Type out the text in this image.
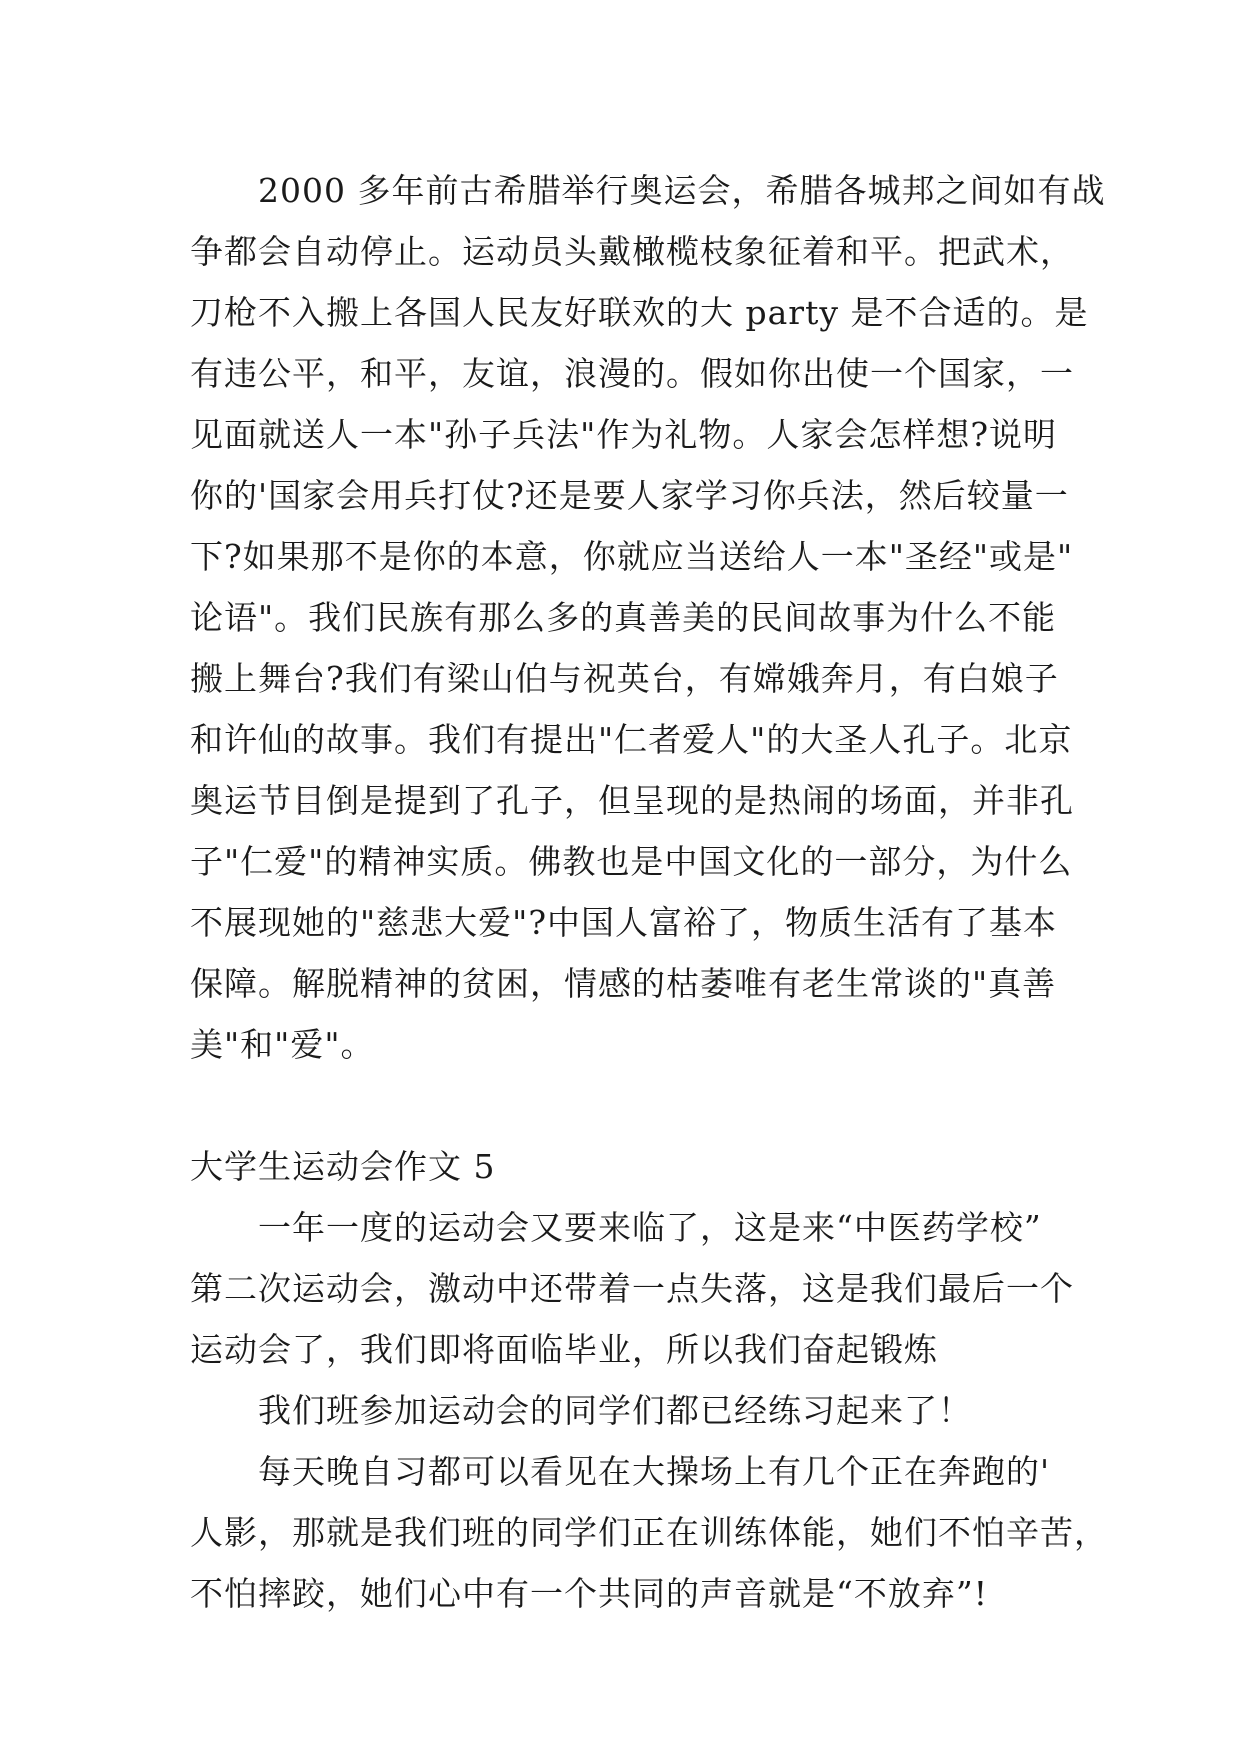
　　2000 多年前古希腊举行奥运会，希腊各城邦之间如有战
争都会自动停止。运动员头戴橄榄枝象征着和平。把武术，
刀枪不入搬上各国人民友好联欢的大 party 是不合适的。是
有违公平，和平，友谊，浪漫的。假如你出使一个国家，一
见面就送人一本"孙子兵法"作为礼物。人家会怎样想?说明
你的'国家会用兵打仗?还是要人家学习你兵法，然后较量一
下?如果那不是你的本意，你就应当送给人一本"圣经"或是"
论语"。我们民族有那么多的真善美的民间故事为什么不能
搬上舞台?我们有梁山伯与祝英台，有嫦娥奔月，有白娘子
和许仙的故事。我们有提出"仁者爱人"的大圣人孔子。北京
奥运节目倒是提到了孔子，但呈现的是热闹的场面，并非孔
子"仁爱"的精神实质。佛教也是中国文化的一部分，为什么
不展现她的"慈悲大爱"?中国人富裕了，物质生活有了基本
保障。解脱精神的贫困，情感的枯萎唯有老生常谈的"真善
美"和"爱"。
大学生运动会作文 5
　　一年一度的运动会又要来临了，这是来“中医药学校”
第二次运动会，激动中还带着一点失落，这是我们最后一个
运动会了，我们即将面临毕业，所以我们奋起锻炼
　　我们班参加运动会的同学们都已经练习起来了！
　　每天晚自习都可以看见在大操场上有几个正在奔跑的'
人影，那就是我们班的同学们正在训练体能，她们不怕辛苦，
不怕摔跤，她们心中有一个共同的声音就是“不放弃”!
